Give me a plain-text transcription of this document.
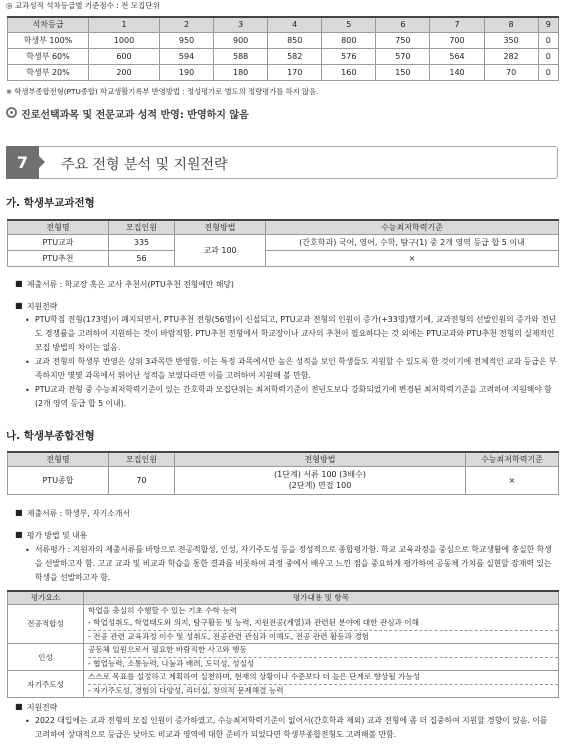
◎ 교과성적 석차등급별 기준점수 : 전 모집단위
석차등급	1	2	3	4	5	6	7	8	9
학생부 100%	1000	950	900	850	800	750	700	350	0
학생부 60%	600	594	588	582	576	570	564	282	0
학생부 20%	200	190	180	170	160	150	140	70	0
※ 학생부종합전형(PTU종합) 학교생활기록부 반영방법 : 정성평가로 별도의 정량평가를 하지 않음.
진로선택과목 및 전문교과 성적 반영: 반영하지 않음
7	주요 전형 분석 및 지원전략
가. 학생부교과전형
전형명	모집인원	전형방법	수능최저학력기준
PTU교과	335	교과 100	(간호학과) 국어, 영어, 수학, 탐구(1) 중 2개 영역 등급 합 5 이내
PTU추천	56		×
■ 제출서류 : 학교장 혹은 교사 추천서(PTU추천 전형에만 해당)
■ 지원전략
• PTU학점 전형(173명)이 폐지되면서, PTU추천 전형(56명)이 신설되고, PTU교과 전형의 인원이 증가(+33명)했기에, 교과전형의 선발인원의 증가와 전년도 경쟁률을 고려하여 지원하는 것이 바람직함. PTU추천 전형에서 학교장이나 교사의 추천이 필요하다는 것 외에는 PTU교과와 PTU추천 전형의 실제적인 모집 방법의 차이는 없음.
• 교과 전형의 학생부 반영은 상위 3과목만 반영함. 이는 특정 과목에서만 높은 성적을 보인 학생들도 지원할 수 있도록 한 것이기에 전체적인 교과 등급은 부족하지만 몇몇 과목에서 뛰어난 성적을 보였다라면 이를 고려하여 지원해 볼 만함.
• PTU교과 전형 중 수능최저학력기준이 있는 간호학과 모집단위는 최저학력기준이 전년도보다 강화되었기에 변경된 최저학력기준을 고려하여 지원해야 함(2개 영역 등급 합 5 이내).
나. 학생부종합전형
전형명	모집인원	전형방법	수능최저학력기준
PTU종합	70	(1단계) 서류 100 (3배수)
(2단계) 면접 100	×
■ 제출서류 : 학생부, 자기소개서
■ 평가 방법 및 내용
• 서류평가 : 지원자의 제출서류를 바탕으로 전공적합성, 인성, 자기주도성 등을 정성적으로 종합평가함. 학교 교육과정을 중심으로 학교생활에 충실한 학생을 선발하고자 함. 고교 교과 및 비교과 학습을 통한 결과를 비롯하여 과정 중에서 배우고 느낀 점을 중요하게 평가하여 공동체 가치를 실현할 잠재력 있는 학생을 선발하고자 함.
평가요소	평가내용 및 항목
전공적합성	학업을 충실히 수행할 수 있는 기초 수학 능력
- 학업성취도, 학업태도와 의지, 탐구활동 및 능력, 지원전공(계열)과 관련된 분야에 대한 관심과 이해
- 전공 관련 교육과정 이수 및 성취도, 전공관련 관심과 이해도, 전공 관련 활동과 경험

인성	공동체 일원으로서 필요한 바람직한 사고와 행동
- 협업능력, 소통능력, 나눔과 배려, 도덕성, 성실성

자기주도성	스스로 목표를 설정하고 계획하여 실천하며, 현재의 상황이나 수준보다 더 높은 단계로 향상될 가능성
- 자기주도성, 경험의 다양성, 리더십, 창의적 문제해결 능력
■ 지원전략
• 2022 대입에는 교과 전형의 모집 인원이 증가하였고, 수능최저학력기준이 없어서(간호학과 제외) 교과 전형에 좀 더 집중하여 지원할 경향이 있음. 이를 고려하여 상대적으로 등급은 낮아도 비교과 영역에 대한 준비가 되었다면 학생부종합전형도 고려해볼 만함.
